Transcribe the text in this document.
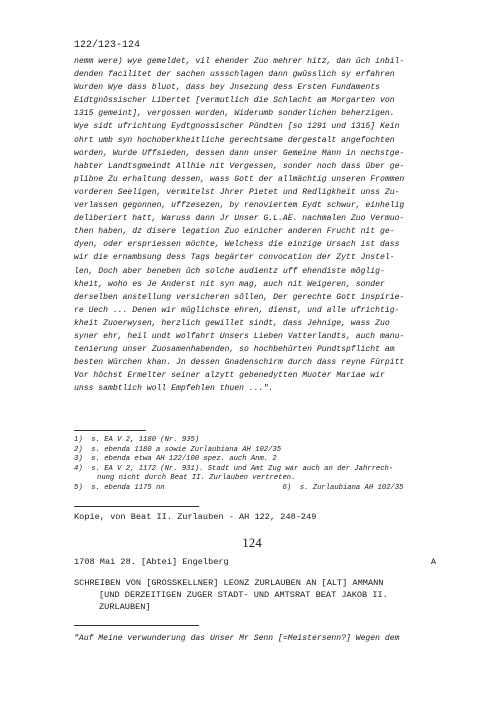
122/123-124
nemm were) wye gemeldet, vil ehender Zuo mehrer hitz, dan ûch inbil-
denden facilitet der sachen ussschlagen dann gwûsslich sy erfahren
Wurden Wye dass bluot, dass bey Jnsezung dess Ersten Fundaments
Eidtgnôssischer Libertet [vermutlich die Schlacht am Morgarten von
1315 gemeint], vergossen worden, Widerumb sonderlichen beherzigen.
Wye sidt ufrichtung Eydtgnossischer Pûndten [so 1291 und 1315] Kein
ohrt umb syn hochoberkheitliche gerechtsame dergestalt angefochten
worden, Wurde Uffsieden, dessen dann unser Gemeine Mann in nechstge-
habter Landtsgmeindt Allhie nit Vergessen, sonder noch dass ûber ge-
plibne Zu erhaltung dessen, wass Gott der allmächtig unseren Frommen
vorderen Seeligen, vermitelst Jhrer Pietet und Redligkheit unss Zu-
verlassen gegonnen, uffzesezen, by renoviertem Eydt schwur, einhelig
deliberiert hatt, Waruss dann Jr Unser G.L.AE. nachmalen Zuo Vermuo-
then haben, dz disere legation Zuo einicher anderen Frucht nit ge-
dyen, oder erspriessen möchte, Welchess die einzige Ursach ist dass
wir die ernambsung dess Tags begärter convocation der Zytt Jnstel-
len, Doch aber beneben ûch solche audientz uff ehendiste môglig-
kheit, woho es Je Anderst nit syn mag, auch nit Weigeren, sonder
derselben anstellung versicheren sôllen, Der gerechte Gott inspirie-
re Uech ... Denen wir mûglichste ehren, dienst, und alle ufrichtig-
kheit Zuoerwysen, herzlich gewillet sindt, dass Jehnige, wass Zuo
syner ehr, heil undt wolfahrt Unsers Lieben Vatterlandts, auch manu-
tenierung unser Zuosamenhabenden, so hochbehûrten Pundtspflicht am
besten Wûrchen khan. Jn dessen Gnadenschirm durch dass reyne Fûrpitt
Vor hôchst Ermelter seiner alzytt gebenedytten Muoter Mariae wir
unss sambtlich woll Empfehlen thuen ...".
1)  s. EA V 2, 1180 (Nr. 935)
2)  s. ebenda 1180 a sowie Zurlaubiana AH 102/35
3)  s. ebenda etwa AH 122/100 spez. auch Anm. 2
4)  s. EA V 2, 1172 (Nr. 931). Stadt und Amt Zug war auch an der Jahrrech-
nung nicht durch Beat II. Zurlauben vertreten.
5)  s. ebenda 1175 nn	6)  s. Zurlaubiana AH 102/35
Kopie, von Beat II. Zurlauben - AH 122, 248-249
124
1708 Mai 28. [Abtei] Engelberg	A
SCHREIBEN VON [GROSSKELLNER] LEONZ ZURLAUBEN AN [ALT] AMMANN
[UND DERZEITIGEN ZUGER STADT- UND AMTSRAT BEAT JAKOB II.
ZURLAUBEN]
"Auf Meine verwunderung das Unser Mr Senn [=Meistersenn?] Wegen dem
